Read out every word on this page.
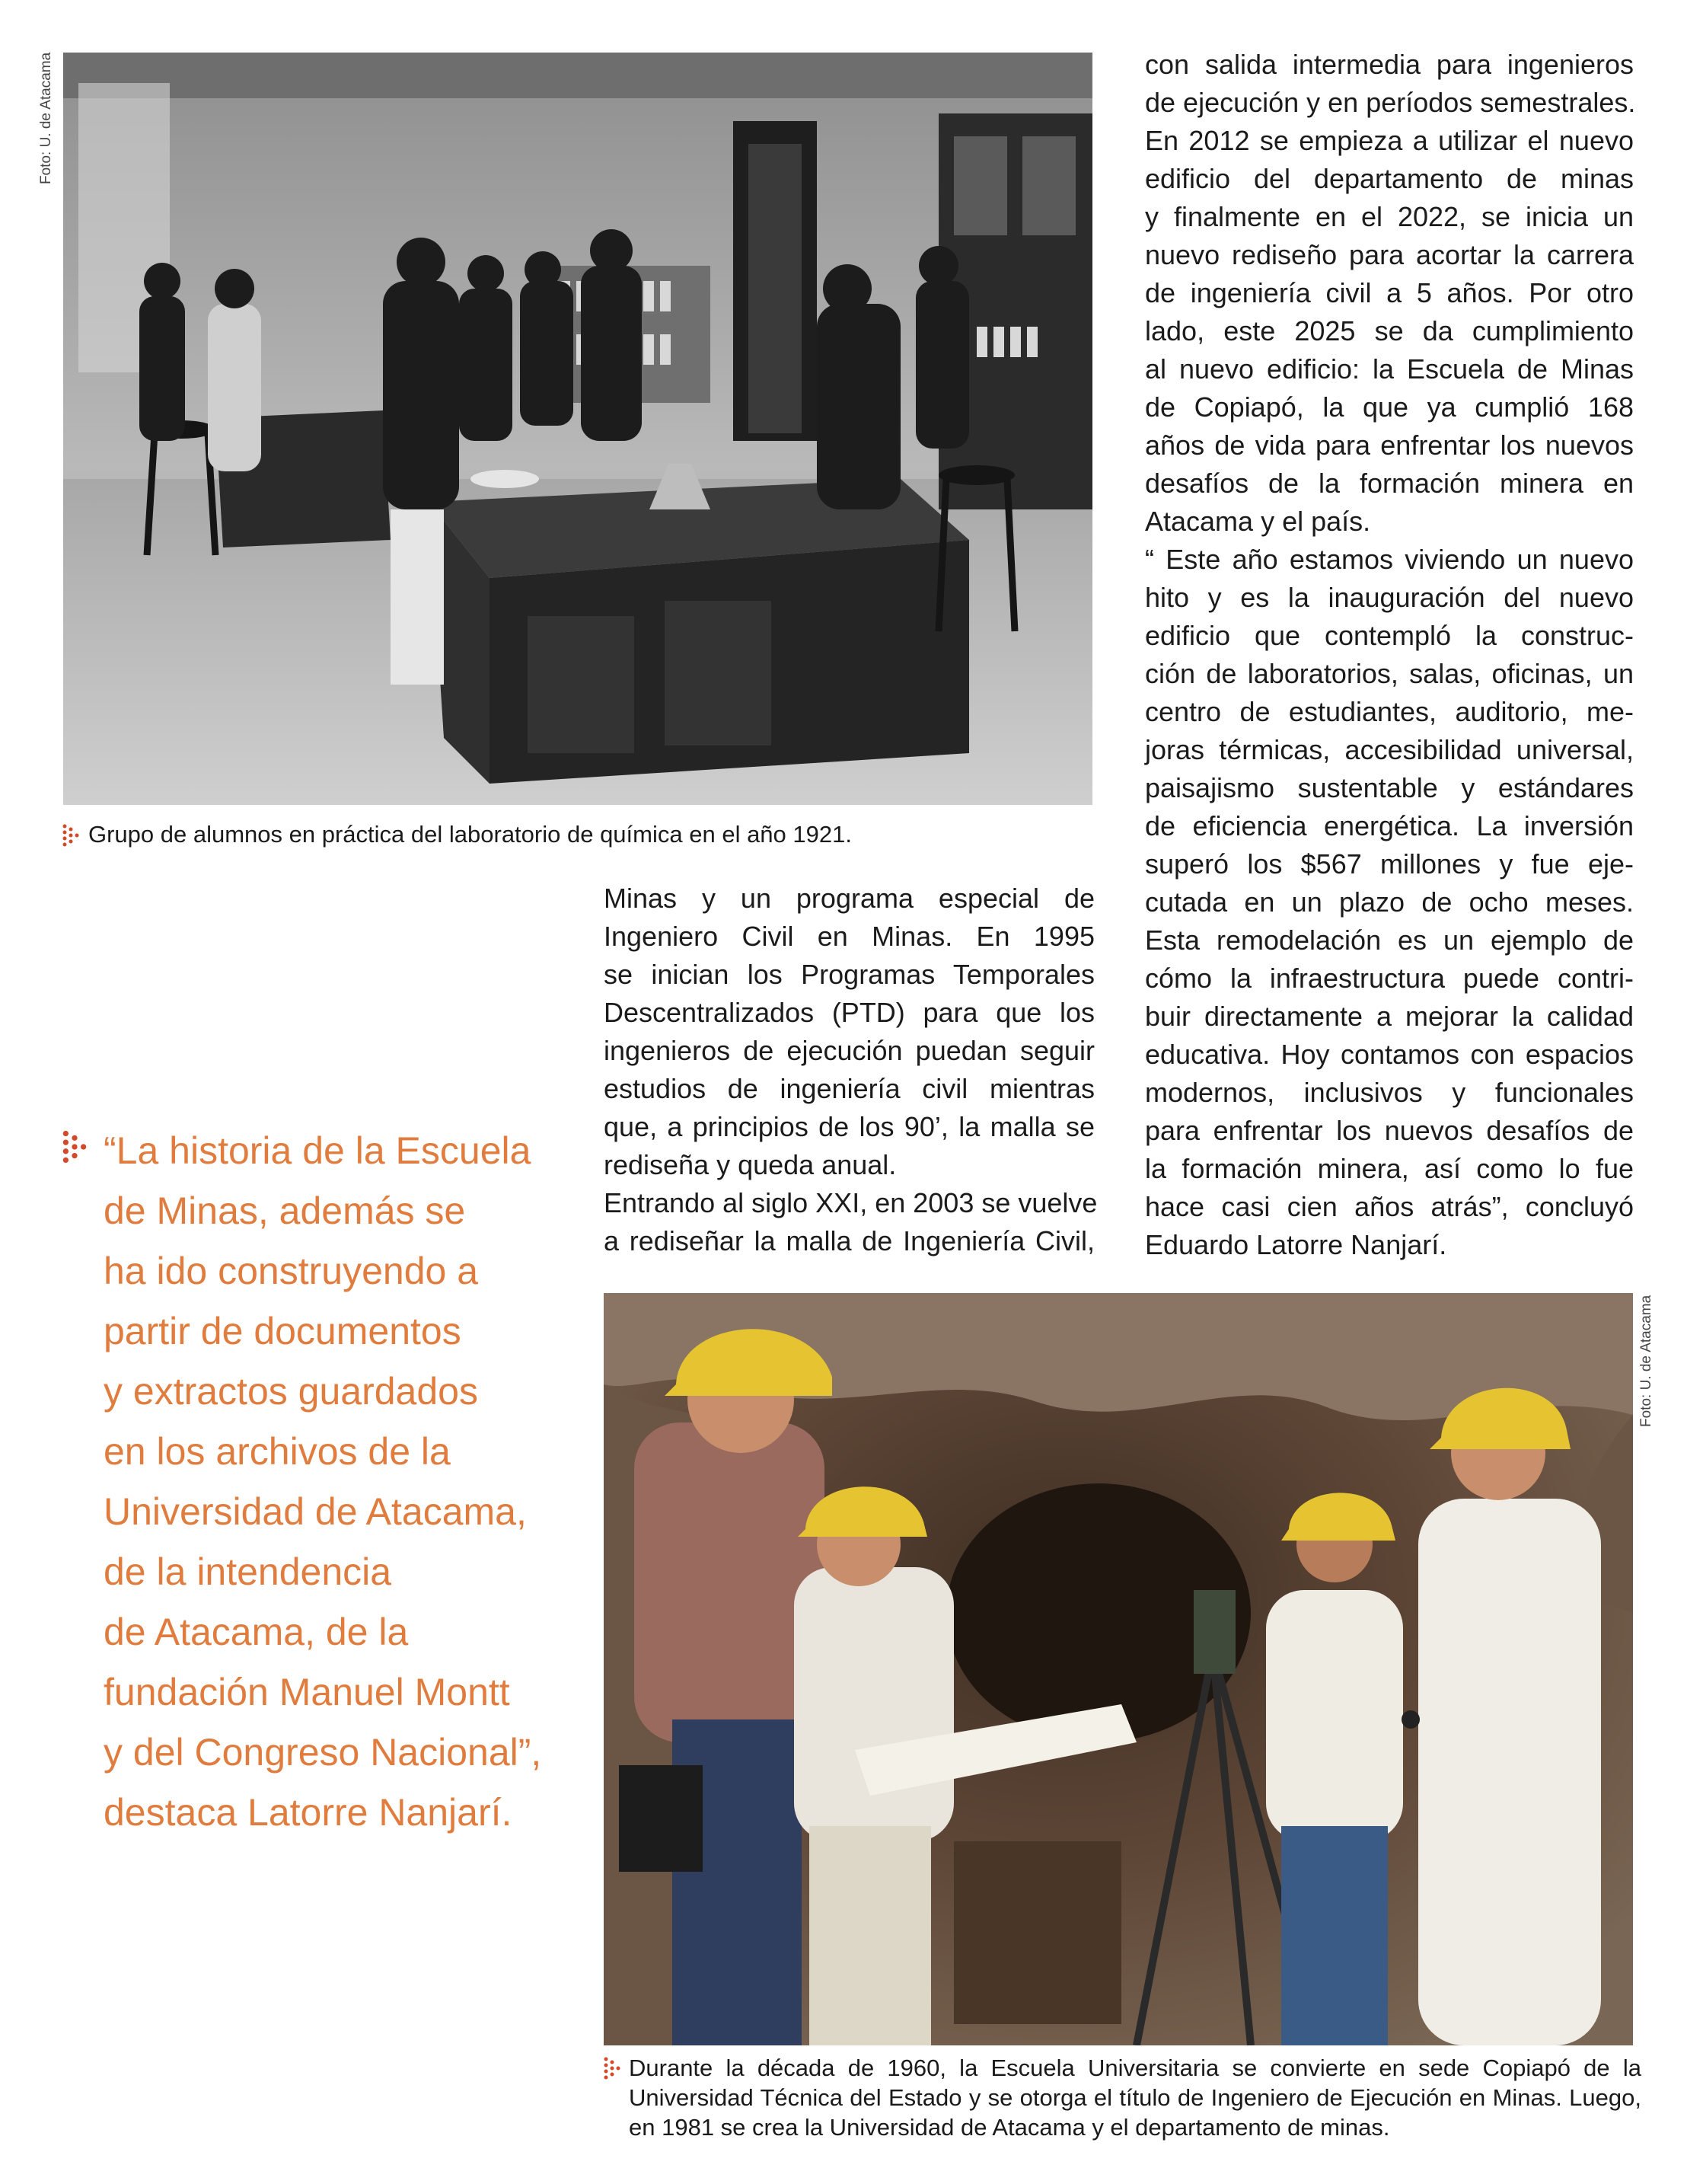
Foto: U. de Atacama
Foto: U. de Atacama
Grupo de alumnos en práctica del laboratorio de química en el año 1921.
Minas y un programa especial de
Ingeniero Civil en Minas. En 1995
se inician los Programas Temporales
Descentralizados (PTD) para que los
ingenieros de ejecución puedan seguir
estudios de ingeniería civil mientras
que, a principios de los 90’, la malla se
rediseña y queda anual.
Entrando al siglo XXI, en 2003 se vuelve
a rediseñar la malla de Ingeniería Civil,
con salida intermedia para ingenieros
de ejecución y en períodos semestrales.
En 2012 se empieza a utilizar el nuevo
edificio del departamento de minas
y finalmente en el 2022, se inicia un
nuevo rediseño para acortar la carrera
de ingeniería civil a 5 años. Por otro
lado, este 2025 se da cumplimiento
al nuevo edificio: la Escuela de Minas
de Copiapó, la que ya cumplió 168
años de vida para enfrentar los nuevos
desafíos de la formación minera en
Atacama y el país.
“ Este año estamos viviendo un nuevo
hito y es la inauguración del nuevo
edificio que contempló la construc-
ción de laboratorios, salas, oficinas, un
centro de estudiantes, auditorio, me-
joras térmicas, accesibilidad universal,
paisajismo sustentable y estándares
de eficiencia energética. La inversión
superó los $567 millones y fue eje-
cutada en un plazo de ocho meses.
Esta remodelación es un ejemplo de
cómo la infraestructura puede contri-
buir directamente a mejorar la calidad
educativa. Hoy contamos con espacios
modernos, inclusivos y funcionales
para enfrentar los nuevos desafíos de
la formación minera, así como lo fue
hace casi cien años atrás”, concluyó
Eduardo Latorre Nanjarí.
“La historia de la Escuela
de Minas, además se
ha ido construyendo a
partir de documentos
y extractos guardados
en los archivos de la
Universidad de Atacama,
de la intendencia
de Atacama, de la
fundación Manuel Montt
y del Congreso Nacional”,
destaca Latorre Nanjarí.
Durante la década de 1960, la Escuela Universitaria se convierte en sede Copiapó de la Universidad Técnica del Estado y se otorga el título de Ingeniero de Ejecución en Minas. Luego, en 1981 se crea la Universidad de Atacama y el departamento de minas.
